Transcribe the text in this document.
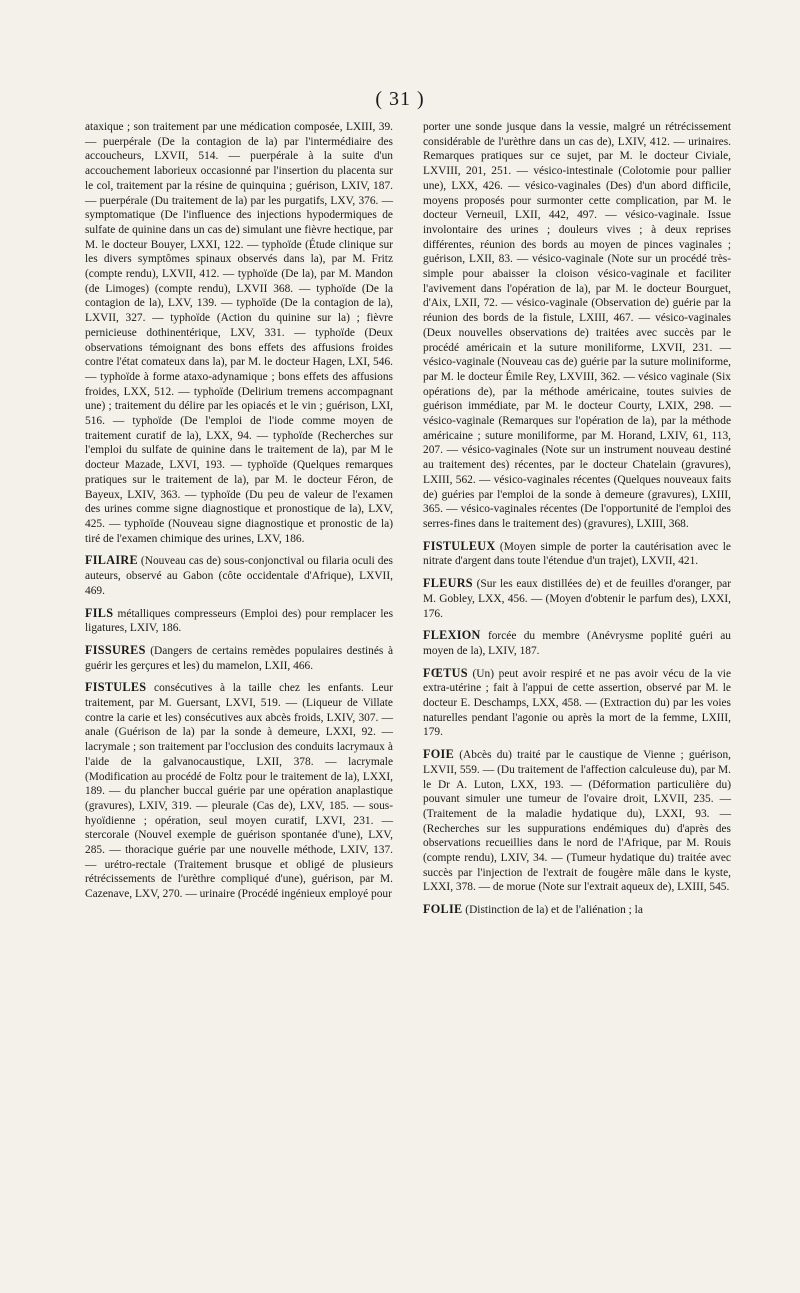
( 31 )

ataxique ; son traitement par une médication composée, LXIII, 39. — puerpérale (De la contagion de la) par l'intermédiaire des accoucheurs, LXVII, 514. — puerpérale à la suite d'un accouchement laborieux occasionné par l'insertion du placenta sur le col, traitement par la résine de quinquina ; guérison, LXIV, 187. — puerpérale (Du traitement de la) par les purgatifs, LXV, 376. — symptomatique (De l'influence des injections hypodermiques de sulfate de quinine dans un cas de) simulant une fièvre hectique, par M. le docteur Bouyer, LXXI, 122. — typhoïde (Étude clinique sur les divers symptômes spinaux observés dans la), par M. Fritz (compte rendu), LXVII, 412. — typhoïde (De la), par M. Mandon (de Limoges) (compte rendu), LXVII 368. — typhoïde (De la contagion de la), LXV, 139. — typhoïde (De la contagion de la), LXVII, 327. — typhoïde (Action du quinine sur la) ; fièvre pernicieuse dothinentérique, LXV, 331. — typhoïde (Deux observations témoignant des bons effets des affusions froides contre l'état comateux dans la), par M. le docteur Hagen, LXI, 546. — typhoïde à forme ataxo-adynamique ; bons effets des affusions froides, LXX, 512. — typhoïde (Delirium tremens accompagnant une) ; traitement du délire par les opiacés et le vin ; guérison, LXI, 516. — typhoïde (De l'emploi de l'iode comme moyen de traitement curatif de la), LXX, 94. — typhoïde (Recherches sur l'emploi du sulfate de quinine dans le traitement de la), par M le docteur Mazade, LXVI, 193. — typhoïde (Quelques remarques pratiques sur le traitement de la), par M. le docteur Féron, de Bayeux, LXIV, 363. — typhoïde (Du peu de valeur de l'examen des urines comme signe diagnostique et pronostique de la), LXV, 425. — typhoïde (Nouveau signe diagnostique et pronostic de la) tiré de l'examen chimique des urines, LXV, 186.

FILAIRE (Nouveau cas de) sous-conjonctival ou filaria oculi des auteurs, observé au Gabon (côte occidentale d'Afrique), LXVII, 469.

FILS métalliques compresseurs (Emploi des) pour remplacer les ligatures, LXIV, 186.

FISSURES (Dangers de certains remèdes populaires destinés à guérir les gerçures et les) du mamelon, LXII, 466.

FISTULES consécutives à la taille chez les enfants. Leur traitement, par M. Guersant, LXVI, 519. — (Liqueur de Villate contre la carie et les) consécutives aux abcès froids, LXIV, 307. — anale (Guérison de la) par la sonde à demeure, LXXI, 92. — lacrymale ; son traitement par l'occlusion des conduits lacrymaux à l'aide de la galvanocaustique, LXII, 378. — lacrymale (Modification au procédé de Foltz pour le traitement de la), LXXI, 189. — du plancher buccal guérie par une opération anaplastique (gravures), LXIV, 319. — pleurale (Cas de), LXV, 185. — sous-hyoïdienne ; opération, seul moyen curatif, LXVI, 231. — stercorale (Nouvel exemple de guérison spontanée d'une), LXV, 285. — thoracique guérie par une nouvelle méthode, LXIV, 137. — urétro-rectale (Traitement brusque et obligé de plusieurs rétrécissements de l'urèthre compliqué d'une), guérison, par M. Cazenave, LXV, 270. — urinaire (Procédé ingénieux employé pour

porter une sonde jusque dans la vessie, malgré un rétrécissement considérable de l'urèthre dans un cas de), LXIV, 412. — urinaires. Remarques pratiques sur ce sujet, par M. le docteur Civiale, LXVIII, 201, 251. — vésico-intestinale (Colotomie pour pallier une), LXX, 426. — vésico-vaginales (Des) d'un abord difficile, moyens proposés pour surmonter cette complication, par M. le docteur Verneuil, LXII, 442, 497. — vésico-vaginale. Issue involontaire des urines ; douleurs vives ; à deux reprises différentes, réunion des bords au moyen de pinces vaginales ; guérison, LXII, 83. — vésico-vaginale (Note sur un procédé très-simple pour abaisser la cloison vésico-vaginale et faciliter l'avivement dans l'opération de la), par M. le docteur Bourguet, d'Aix, LXII, 72. — vésico-vaginale (Observation de) guérie par la réunion des bords de la fistule, LXIII, 467. — vésico-vaginales (Deux nouvelles observations de) traitées avec succès par le procédé américain et la suture moniliforme, LXVII, 231. — vésico-vaginale (Nouveau cas de) guérie par la suture moliniforme, par M. le docteur Émile Rey, LXVIII, 362. — vésico vaginale (Six opérations de), par la méthode américaine, toutes suivies de guérison immédiate, par M. le docteur Courty, LXIX, 298. — vésico-vaginale (Remarques sur l'opération de la), par la méthode américaine ; suture moniliforme, par M. Horand, LXIV, 61, 113, 207. — vésico-vaginales (Note sur un instrument nouveau destiné au traitement des) récentes, par le docteur Chatelain (gravures), LXIII, 562. — vésico-vaginales récentes (Quelques nouveaux faits de) guéries par l'emploi de la sonde à demeure (gravures), LXIII, 365. — vésico-vaginales récentes (De l'opportunité de l'emploi des serres-fines dans le traitement des) (gravures), LXIII, 368.

FISTULEUX (Moyen simple de porter la cautérisation avec le nitrate d'argent dans toute l'étendue d'un trajet), LXVII, 421.

FLEURS (Sur les eaux distillées de) et de feuilles d'oranger, par M. Gobley, LXX, 456. — (Moyen d'obtenir le parfum des), LXXI, 176.

FLEXION forcée du membre (Anévrysme poplité guéri au moyen de la), LXIV, 187.

FŒTUS (Un) peut avoir respiré et ne pas avoir vécu de la vie extra-utérine ; fait à l'appui de cette assertion, observé par M. le docteur E. Deschamps, LXX, 458. — (Extraction du) par les voies naturelles pendant l'agonie ou après la mort de la femme, LXIII, 179.

FOIE (Abcès du) traité par le caustique de Vienne ; guérison, LXVII, 559. — (Du traitement de l'affection calculeuse du), par M. le Dr A. Luton, LXX, 193. — (Déformation particulière du) pouvant simuler une tumeur de l'ovaire droit, LXVII, 235. — (Traitement de la maladie hydatique du), LXXI, 93. — (Recherches sur les suppurations endémiques du) d'après des observations recueillies dans le nord de l'Afrique, par M. Rouis (compte rendu), LXIV, 34. — (Tumeur hydatique du) traitée avec succès par l'injection de l'extrait de fougère mâle dans le kyste, LXXI, 378. — de morue (Note sur l'extrait aqueux de), LXIII, 545.

FOLIE (Distinction de la) et de l'aliénation ; la
